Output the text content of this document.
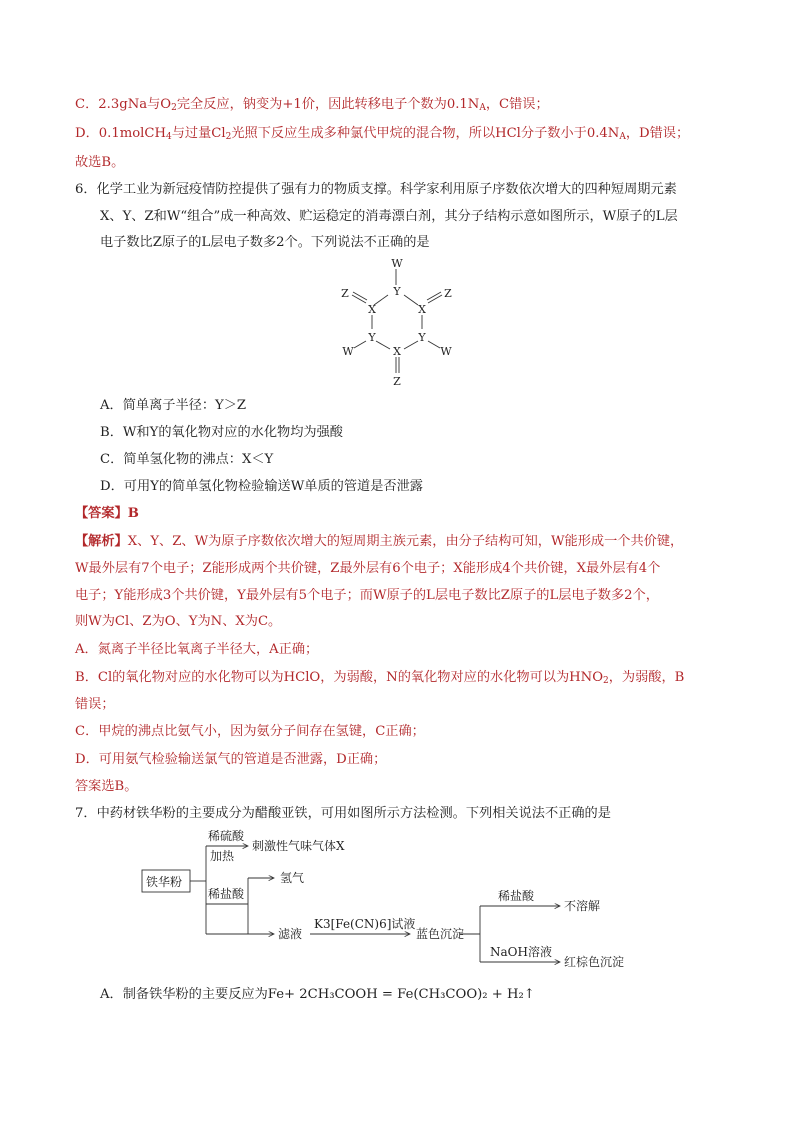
C．2.3gNa与$O_2$完全反应，钠变为+1价，因此转移电子个数为$0.1N_A$，C错误；
D．0.1molCH$_4$与过量$Cl_2$光照下反应生成多种氯代甲烷的混合物，所以HCl分子数小于$0.4N_A$，D错误；
故选B。
6．化学工业为新冠疫情防控提供了强有力的物质支撑。科学家利用原子序数依次增大的四种短周期元素
X、Y、Z和W“组合”成一种高效、贮运稳定的消毒漂白剂，其分子结构示意如图所示，W原子的L层
电子数比Z原子的L层电子数多2个。下列说法不正确的是
W
Y
Z	Z
X	X
Y	Y
W	W
X
Z
A．简单离子半径：Y＞Z
B．W和Y的氧化物对应的水化物均为强酸
C．简单氢化物的沸点：X＜Y
D．可用Y的简单氢化物检验输送W单质的管道是否泄露
【答案】B
【解析】X、Y、Z、W为原子序数依次增大的短周期主族元素，由分子结构可知，W能形成一个共价键，
W最外层有7个电子；Z能形成两个共价键，Z最外层有6个电子；X能形成4个共价键，X最外层有4个
电子；Y能形成3个共价键，Y最外层有5个电子；而W原子的L层电子数比Z原子的L层电子数多2个，
则W为Cl、Z为O、Y为N、X为C。
A．氮离子半径比氧离子半径大，A正确；
B．Cl的氧化物对应的水化物可以为HClO，为弱酸，N的氧化物对应的水化物可以为$HNO_2$，为弱酸，B
错误；
C．甲烷的沸点比氨气小，因为氨分子间存在氢键，C正确；
D．可用氨气检验输送氯气的管道是否泄露，D正确；
答案选B。
7．中药材铁华粉的主要成分为醋酸亚铁，可用如图所示方法检测。下列相关说法不正确的是
铁华粉
稀硫酸
加热
刺激性气味气体X
稀盐酸
氢气
滤液
K3[Fe(CN)6]试液
蓝色沉淀
稀盐酸
不溶解
NaOH溶液
红棕色沉淀
A．制备铁华粉的主要反应为Fe+ 2CH₃COOH = Fe(CH₃COO)₂ + H₂↑
